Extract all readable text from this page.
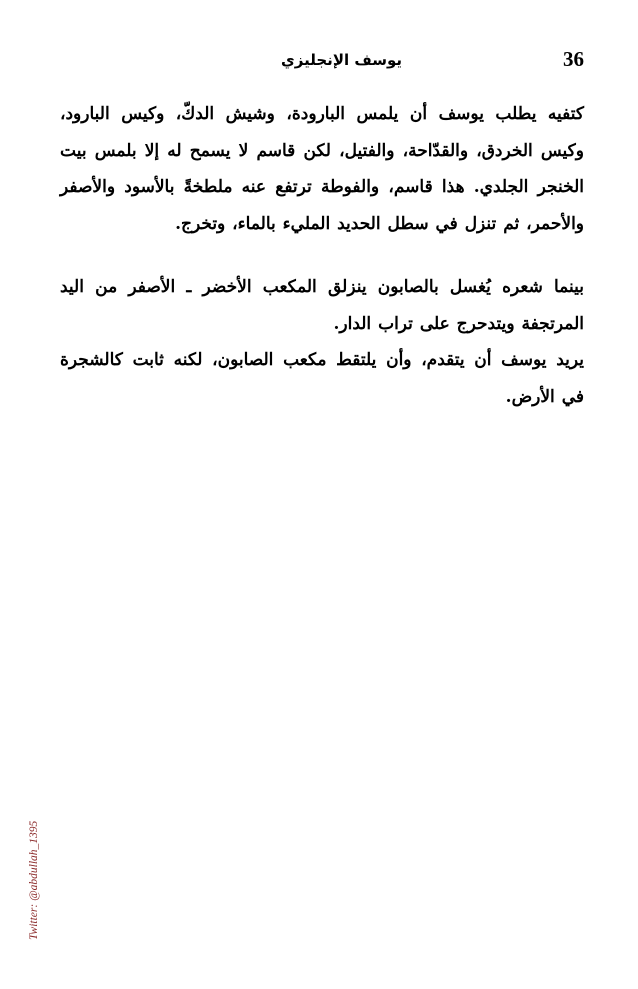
36
يوسف الإنجليزي

كتفيه يطلب يوسف أن يلمس البارودة، وشيش الدكّ، وكيس البارود، وكيس الخردق، والقدّاحة، والفتيل، لكن قاسم لا يسمح له إلا بلمس بيت الخنجر الجلدي. هذا قاسم، والفوطة ترتفع عنه ملطخةً بالأسود والأصفر والأحمر، ثم تنزل في سطل الحديد المليء بالماء، وتخرج.

بينما شعره يُغسل بالصابون ينزلق المكعب الأخضر ـ الأصفر من اليد المرتجفة ويتدحرج على تراب الدار.

يريد يوسف أن يتقدم، وأن يلتقط مكعب الصابون، لكنه ثابت كالشجرة في الأرض.

Twitter: @abdullah_1395
